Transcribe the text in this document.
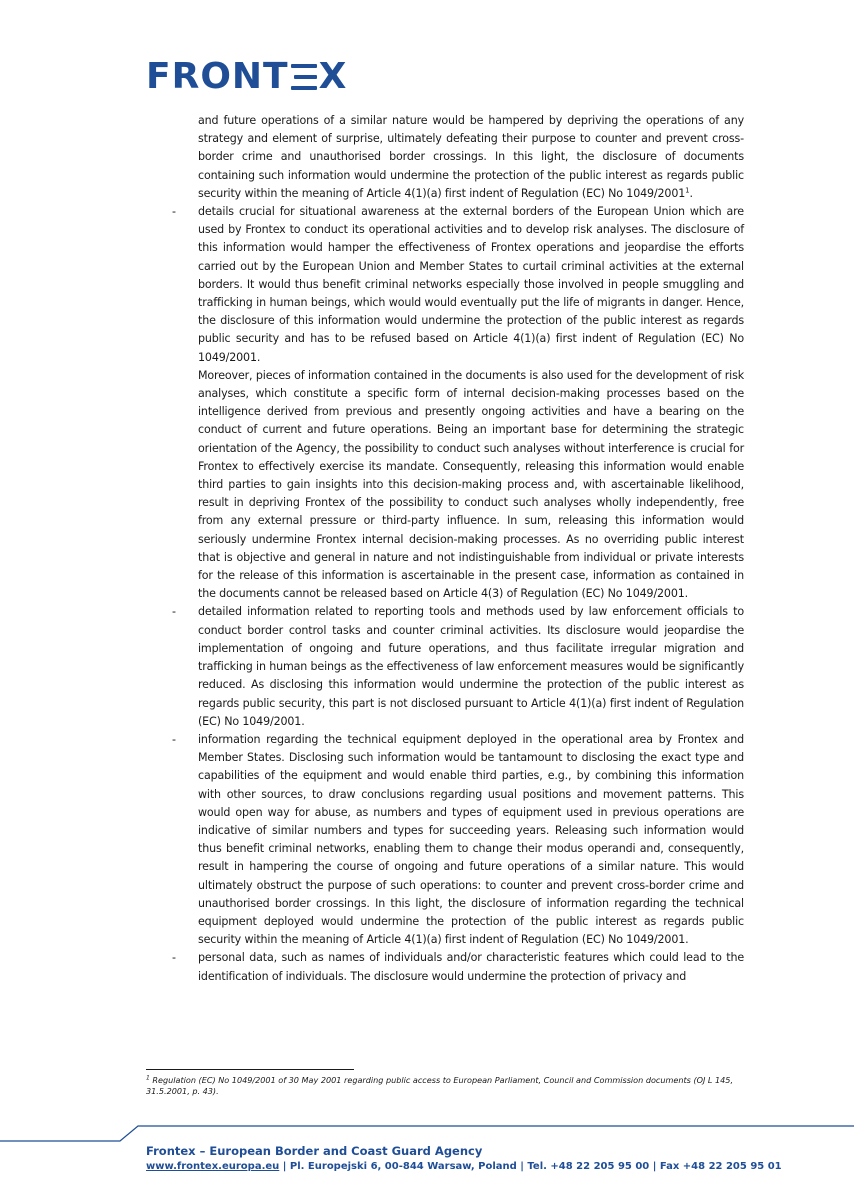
FRONT X

and future operations of a similar nature would be hampered by depriving the operations of any strategy and element of surprise, ultimately defeating their purpose to counter and prevent cross-border crime and unauthorised border crossings. In this light, the disclosure of documents containing such information would undermine the protection of the public interest as regards public security within the meaning of Article 4(1)(a) first indent of Regulation (EC) No 1049/2001$^1$.

- details crucial for situational awareness at the external borders of the European Union which are used by Frontex to conduct its operational activities and to develop risk analyses. The disclosure of this information would hamper the effectiveness of Frontex operations and jeopardise the efforts carried out by the European Union and Member States to curtail criminal activities at the external borders. It would thus benefit criminal networks especially those involved in people smuggling and trafficking in human beings, which would would eventually put the life of migrants in danger. Hence, the disclosure of this information would undermine the protection of the public interest as regards public security and has to be refused based on Article 4(1)(a) first indent of Regulation (EC) No 1049/2001.

Moreover, pieces of information contained in the documents is also used for the development of risk analyses, which constitute a specific form of internal decision-making processes based on the intelligence derived from previous and presently ongoing activities and have a bearing on the conduct of current and future operations. Being an important base for determining the strategic orientation of the Agency, the possibility to conduct such analyses without interference is crucial for Frontex to effectively exercise its mandate. Consequently, releasing this information would enable third parties to gain insights into this decision-making process and, with ascertainable likelihood, result in depriving Frontex of the possibility to conduct such analyses wholly independently, free from any external pressure or third-party influence. In sum, releasing this information would seriously undermine Frontex internal decision-making processes. As no overriding public interest that is objective and general in nature and not indistinguishable from individual or private interests for the release of this information is ascertainable in the present case, information as contained in the documents cannot be released based on Article 4(3) of Regulation (EC) No 1049/2001.

- detailed information related to reporting tools and methods used by law enforcement officials to conduct border control tasks and counter criminal activities. Its disclosure would jeopardise the implementation of ongoing and future operations, and thus facilitate irregular migration and trafficking in human beings as the effectiveness of law enforcement measures would be significantly reduced. As disclosing this information would undermine the protection of the public interest as regards public security, this part is not disclosed pursuant to Article 4(1)(a) first indent of Regulation (EC) No 1049/2001.

- information regarding the technical equipment deployed in the operational area by Frontex and Member States. Disclosing such information would be tantamount to disclosing the exact type and capabilities of the equipment and would enable third parties, e.g., by combining this information with other sources, to draw conclusions regarding usual positions and movement patterns. This would open way for abuse, as numbers and types of equipment used in previous operations are indicative of similar numbers and types for succeeding years. Releasing such information would thus benefit criminal networks, enabling them to change their modus operandi and, consequently, result in hampering the course of ongoing and future operations of a similar nature. This would ultimately obstruct the purpose of such operations: to counter and prevent cross-border crime and unauthorised border crossings. In this light, the disclosure of information regarding the technical equipment deployed would undermine the protection of the public interest as regards public security within the meaning of Article 4(1)(a) first indent of Regulation (EC) No 1049/2001.

- personal data, such as names of individuals and/or characteristic features which could lead to the identification of individuals. The disclosure would undermine the protection of privacy and

$^1$ Regulation (EC) No 1049/2001 of 30 May 2001 regarding public access to European Parliament, Council and Commission documents (OJ L 145, 31.5.2001, p. 43).
Frontex – European Border and Coast Guard Agency
www.frontex.europa.eu | Pl. Europejski 6, 00-844 Warsaw, Poland | Tel. +48 22 205 95 00 | Fax +48 22 205 95 01
